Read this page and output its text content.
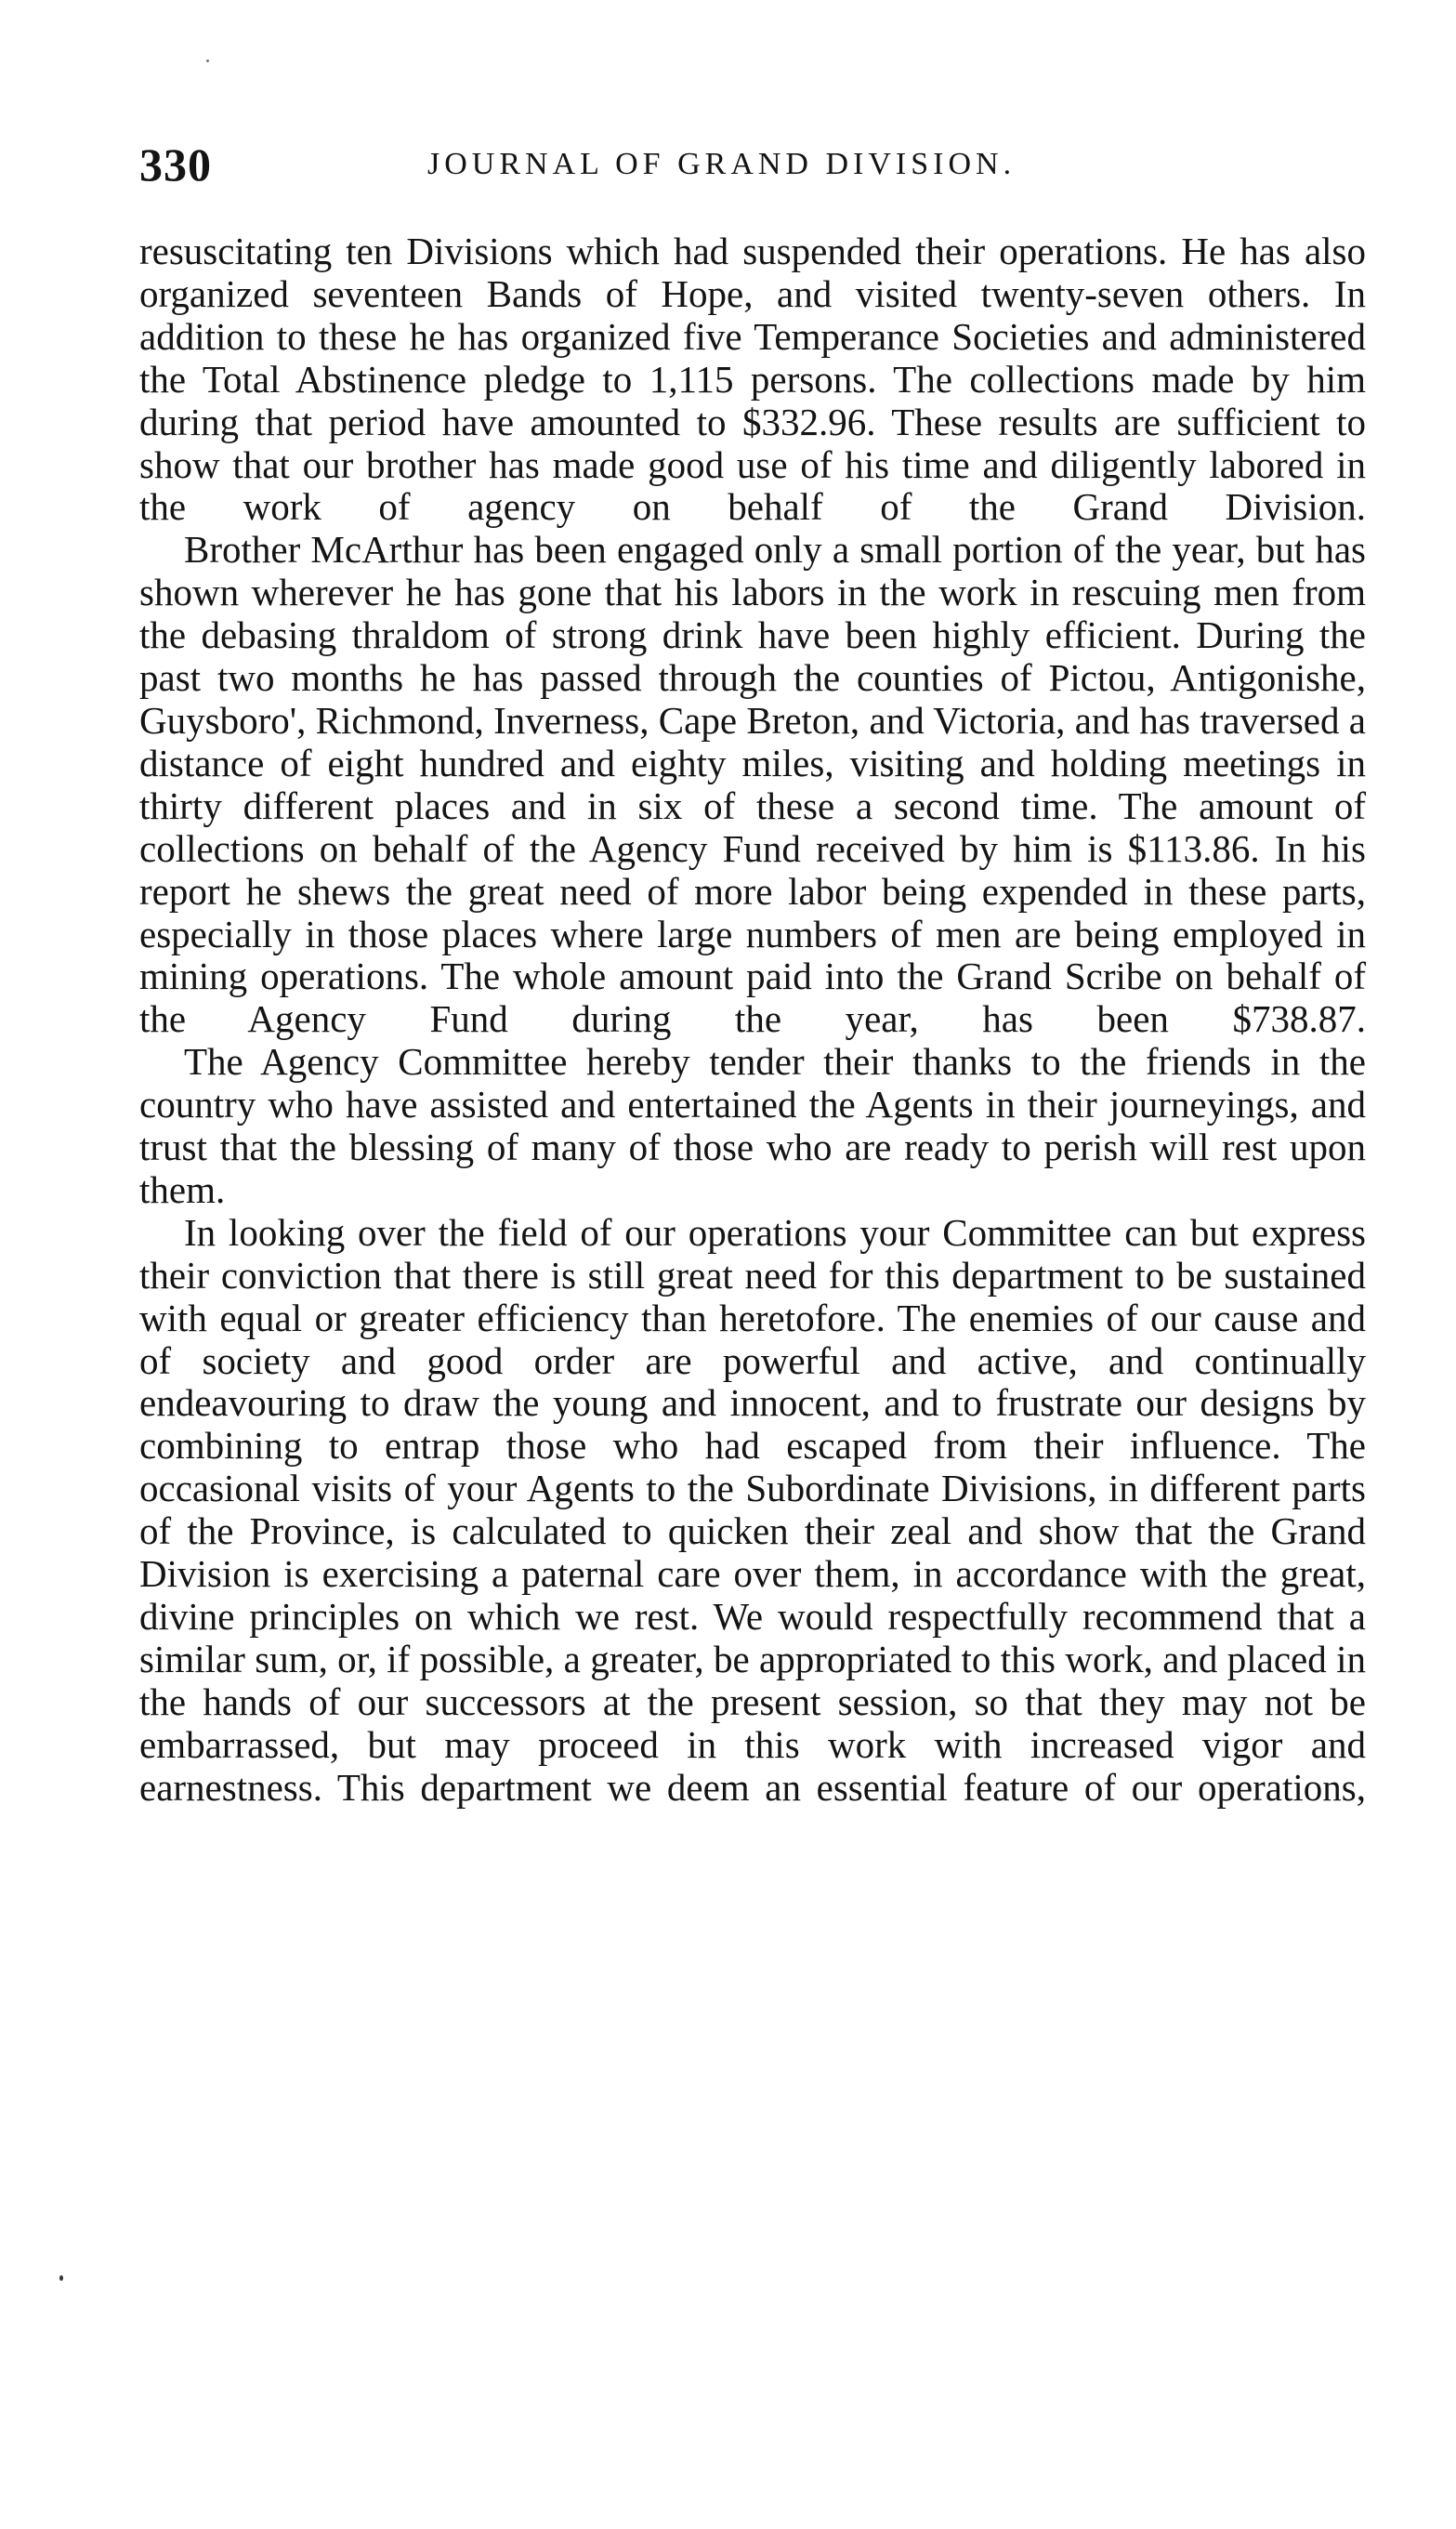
330	JOURNAL OF GRAND DIVISION.

resuscitating ten Divisions which had suspended their operations. He has also organized seventeen Bands of Hope, and visited twenty-seven others. In addition to these he has organized five Temperance Societies and administered the Total Abstinence pledge to 1,115 persons. The collections made by him during that period have amounted to $332.96. These results are sufficient to show that our brother has made good use of his time and diligently labored in the work of agency on behalf of the Grand Division.

Brother McArthur has been engaged only a small portion of the year, but has shown wherever he has gone that his labors in the work in rescuing men from the debasing thraldom of strong drink have been highly efficient. During the past two months he has passed through the counties of Pictou, Antigonishe, Guysboro', Richmond, Inverness, Cape Breton, and Victoria, and has traversed a distance of eight hundred and eighty miles, visiting and holding meetings in thirty different places and in six of these a second time. The amount of collections on behalf of the Agency Fund received by him is $113.86. In his report he shews the great need of more labor being expended in these parts, especially in those places where large numbers of men are being employed in mining operations. The whole amount paid into the Grand Scribe on behalf of the Agency Fund during the year, has been $738.87.

The Agency Committee hereby tender their thanks to the friends in the country who have assisted and entertained the Agents in their journeyings, and trust that the blessing of many of those who are ready to perish will rest upon them.

In looking over the field of our operations your Committee can but express their conviction that there is still great need for this department to be sustained with equal or greater efficiency than heretofore. The enemies of our cause and of society and good order are powerful and active, and continually endeavouring to draw the young and innocent, and to frustrate our designs by combining to entrap those who had escaped from their influence. The occasional visits of your Agents to the Subordinate Divisions, in different parts of the Province, is calculated to quicken their zeal and show that the Grand Division is exercising a paternal care over them, in accordance with the great, divine principles on which we rest. We would respectfully recommend that a similar sum, or, if possible, a greater, be appropriated to this work, and placed in the hands of our successors at the present session, so that they may not be embarrassed, but may proceed in this work with increased vigor and earnestness. This department we deem an essential feature of our operations,
